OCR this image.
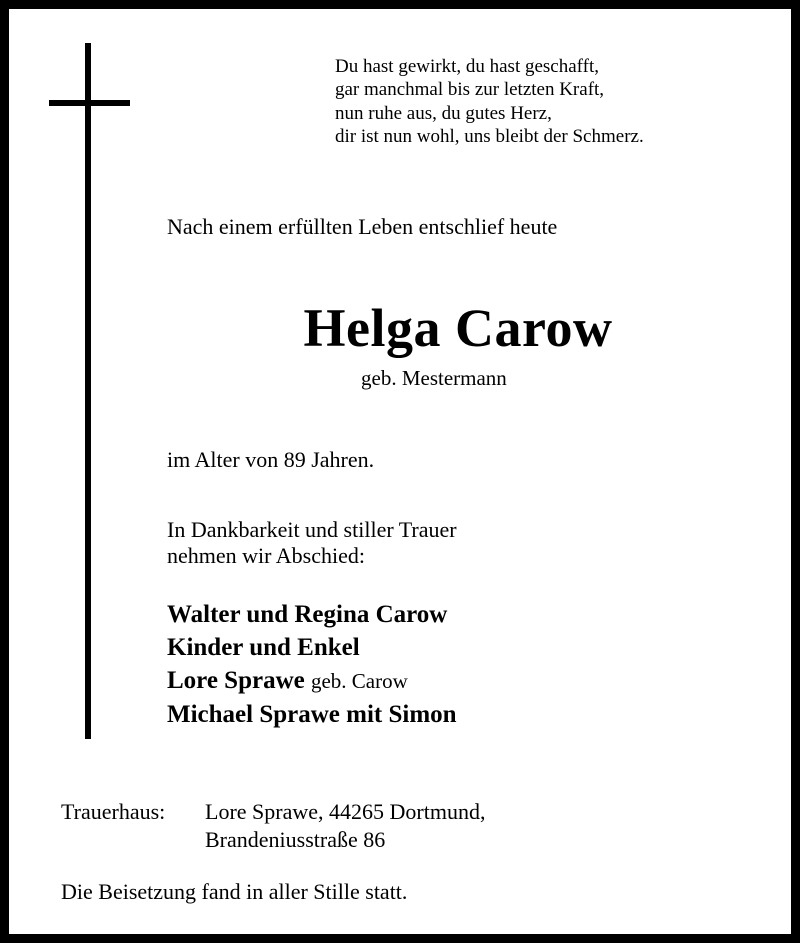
Du hast gewirkt, du hast geschafft,
gar manchmal bis zur letzten Kraft,
nun ruhe aus, du gutes Herz,
dir ist nun wohl, uns bleibt der Schmerz.
Nach einem erfüllten Leben entschlief heute
Helga Carow
geb. Mestermann
im Alter von 89 Jahren.
In Dankbarkeit und stiller Trauer
nehmen wir Abschied:
Walter und Regina Carow
Kinder und Enkel
Lore Sprawe geb. Carow
Michael Sprawe mit Simon
Trauerhaus: Lore Sprawe, 44265 Dortmund,
Brandeniusstraße 86
Die Beisetzung fand in aller Stille statt.
